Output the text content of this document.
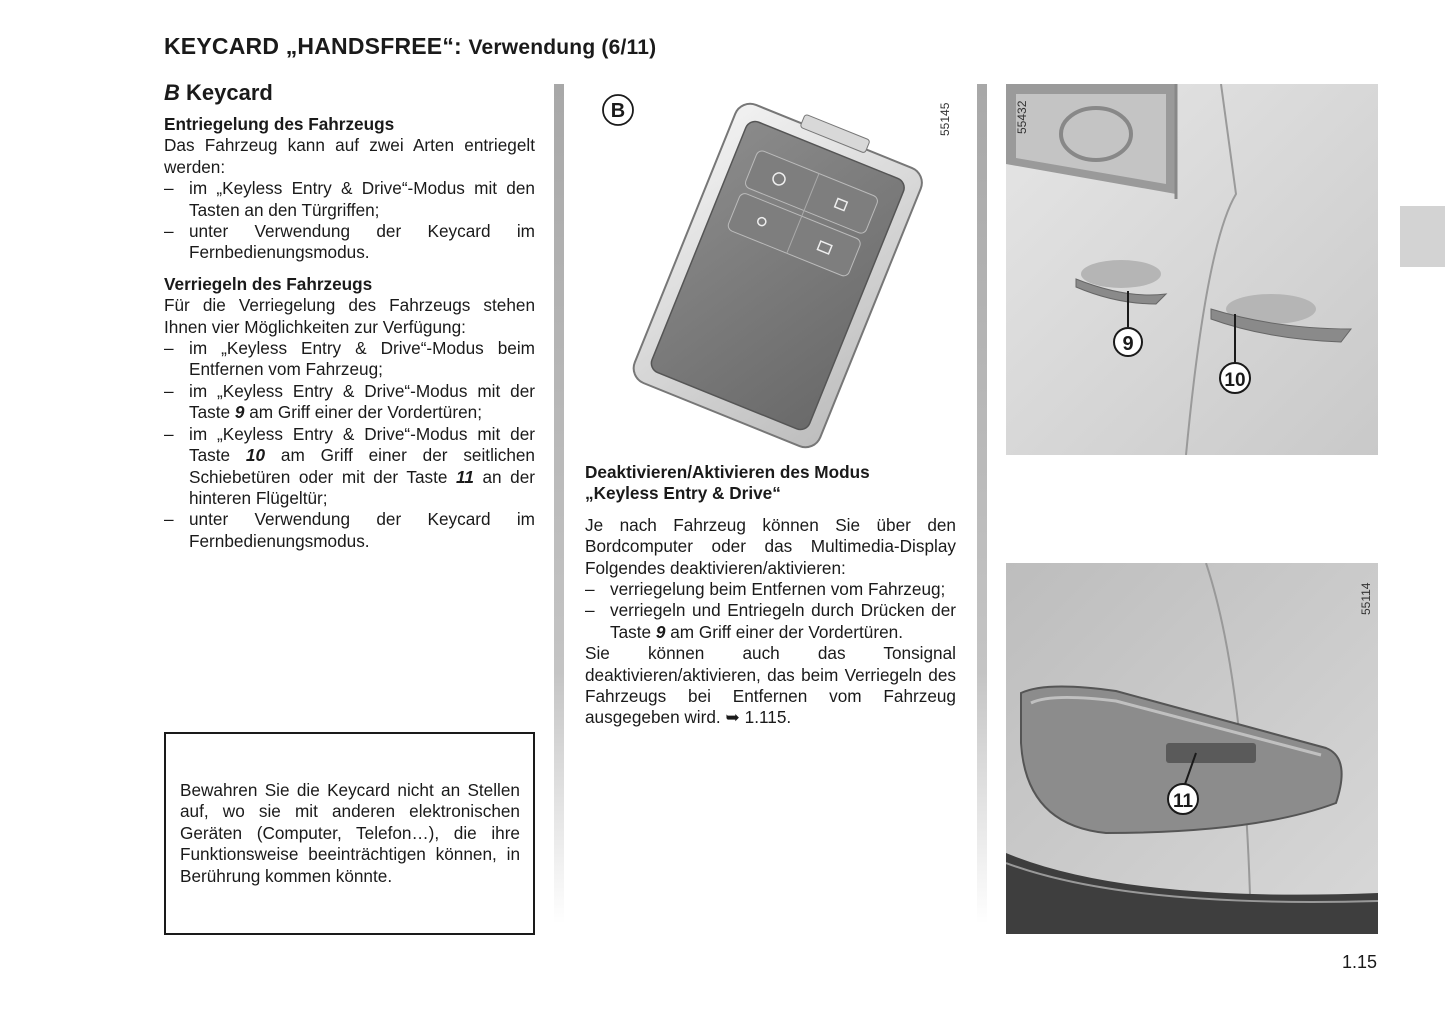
KEYCARD „HANDSFREE“: Verwendung (6/11)
B Keycard

Entriegelung des Fahrzeugs

Das Fahrzeug kann auf zwei Arten entriegelt werden:

– im „Keyless Entry & Drive“-Modus mit den Tasten an den Türgriffen;
– unter Verwendung der Keycard im Fernbedienungsmodus.

Verriegeln des Fahrzeugs

Für die Verriegelung des Fahrzeugs stehen Ihnen vier Möglichkeiten zur Verfügung:

– im „Keyless Entry & Drive“-Modus beim Entfernen vom Fahrzeug;
– im „Keyless Entry & Drive“-Modus mit der Taste 9 am Griff einer der Vordertüren;
– im „Keyless Entry & Drive“-Modus mit der Taste 10 am Griff einer der seitlichen Schiebetüren oder mit der Taste 11 an der hinteren Flügeltür;
– unter Verwendung der Keycard im Fernbedienungsmodus.

Bewahren Sie die Keycard nicht an Stellen auf, wo sie mit anderen elektronischen Geräten (Computer, Telefon…), die ihre Funktionsweise beeinträchtigen können, in Berührung kommen könnte.

Deaktivieren/Aktivieren des Modus
„Keyless Entry & Drive“

Je nach Fahrzeug können Sie über den Bordcomputer oder das Multimedia-Display Folgendes deaktivieren/aktivieren:

– verriegelung beim Entfernen vom Fahrzeug;
– verriegeln und Entriegeln durch Drücken der Taste 9 am Griff einer der Vordertüren.

Sie können auch das Tonsignal deaktivieren/aktivieren, das beim Verriegeln des Fahrzeugs bei Entfernen vom Fahrzeug ausgegeben wird. ➥ 1.115.

B	55145
9
10
55432
11
55114
1.15
